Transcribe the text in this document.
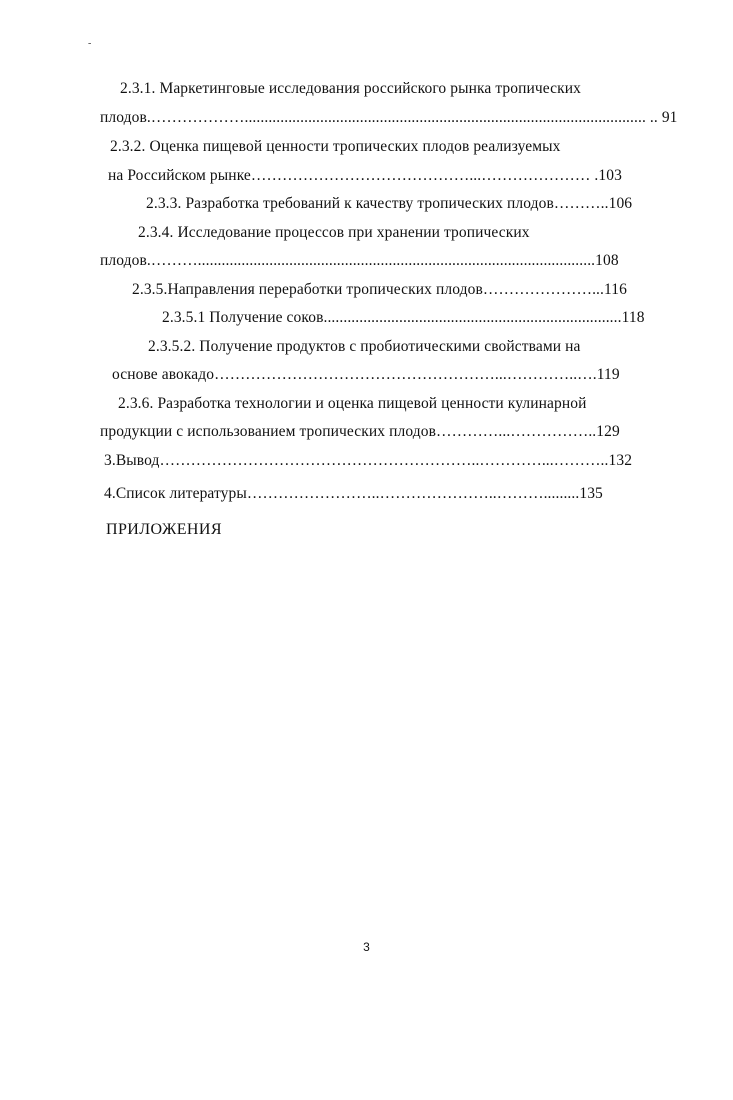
-
2.3.1. Маркетинговые исследования российского рынка тропических
плодов.………………..................................................................................................... .. 91
2.3.2. Оценка пищевой ценности тропических плодов реализуемых
на Российском рынке……………………………………...………………… .103
2.3.3. Разработка требований к качеству тропических плодов………..106
2.3.4. Исследование процессов при хранении тропических
плодов.………....................................................................................................108
2.3.5.Направления переработки тропических плодов…………………...116
2.3.5.1 Получение соков...........................................................................118
2.3.5.2. Получение продуктов с пробиотическими свойствами на
основе авокадо………………………………………………...…………..….119
2.3.6. Разработка технологии и оценка пищевой ценности кулинарной
продукции с использованием тропических плодов…………...……………..129
3.Вывод……………………………………………………..…………...………..132
4.Список литературы……………………..…………………..……….........135
ПРИЛОЖЕНИЯ
3
